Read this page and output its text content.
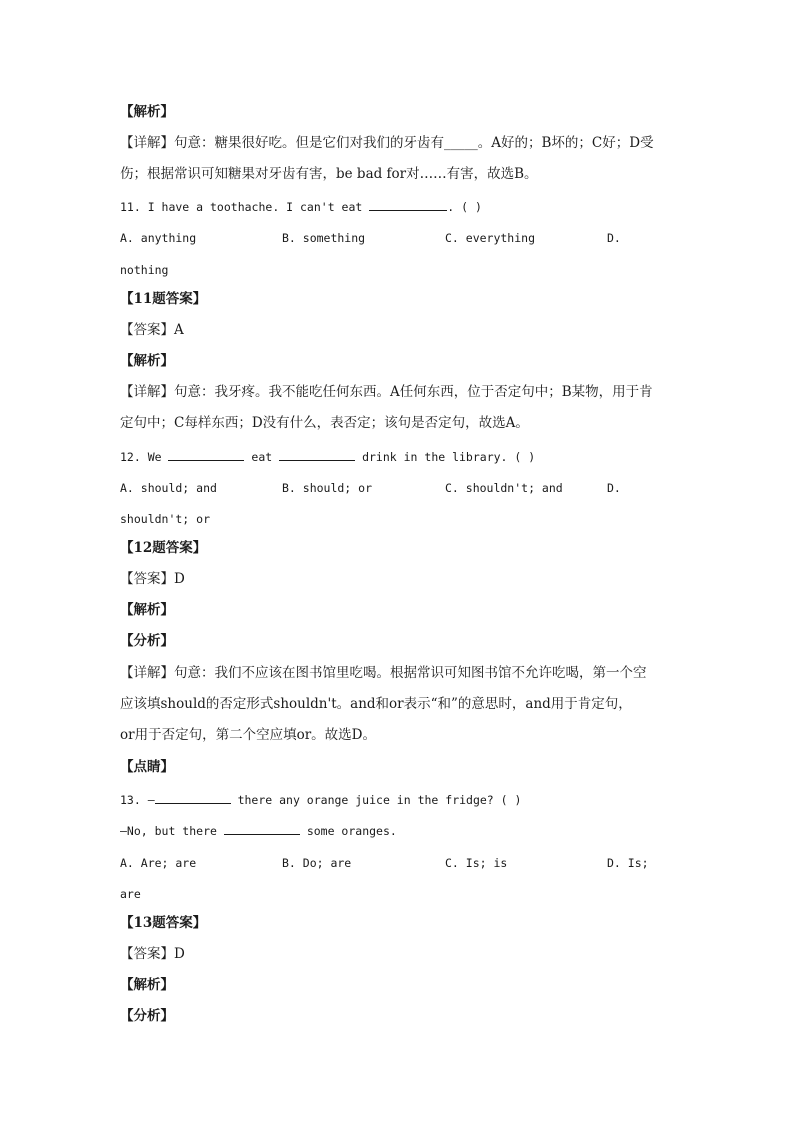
【解析】
【详解】句意：糖果很好吃。但是它们对我们的牙齿有_____。A好的；B坏的；C好；D受
伤；根据常识可知糖果对牙齿有害，be bad for对……有害，故选B。
11. I have a toothache. I can't eat	. ( )
A. anything	B. something	C. everything	D.
nothing
【11题答案】
【答案】A
【解析】
【详解】句意：我牙疼。我不能吃任何东西。A任何东西，位于否定句中；B某物，用于肯
定句中；C每样东西；D没有什么，表否定；该句是否定句，故选A。
12. We	eat	drink in the library. ( )
A. should; and	B. should; or	C. shouldn't; and	D.
shouldn't; or
【12题答案】
【答案】D
【解析】
【分析】
【详解】句意：我们不应该在图书馆里吃喝。根据常识可知图书馆不允许吃喝，第一个空
应该填should的否定形式shouldn't。and和or表示“和”的意思时，and用于肯定句，
or用于否定句，第二个空应填or。故选D。
【点睛】
13. —	there any orange juice in the fridge? ( )
—No, but there	some oranges.
A. Are; are	B. Do; are	C. Is; is	D. Is;
are
【13题答案】
【答案】D
【解析】
【分析】
